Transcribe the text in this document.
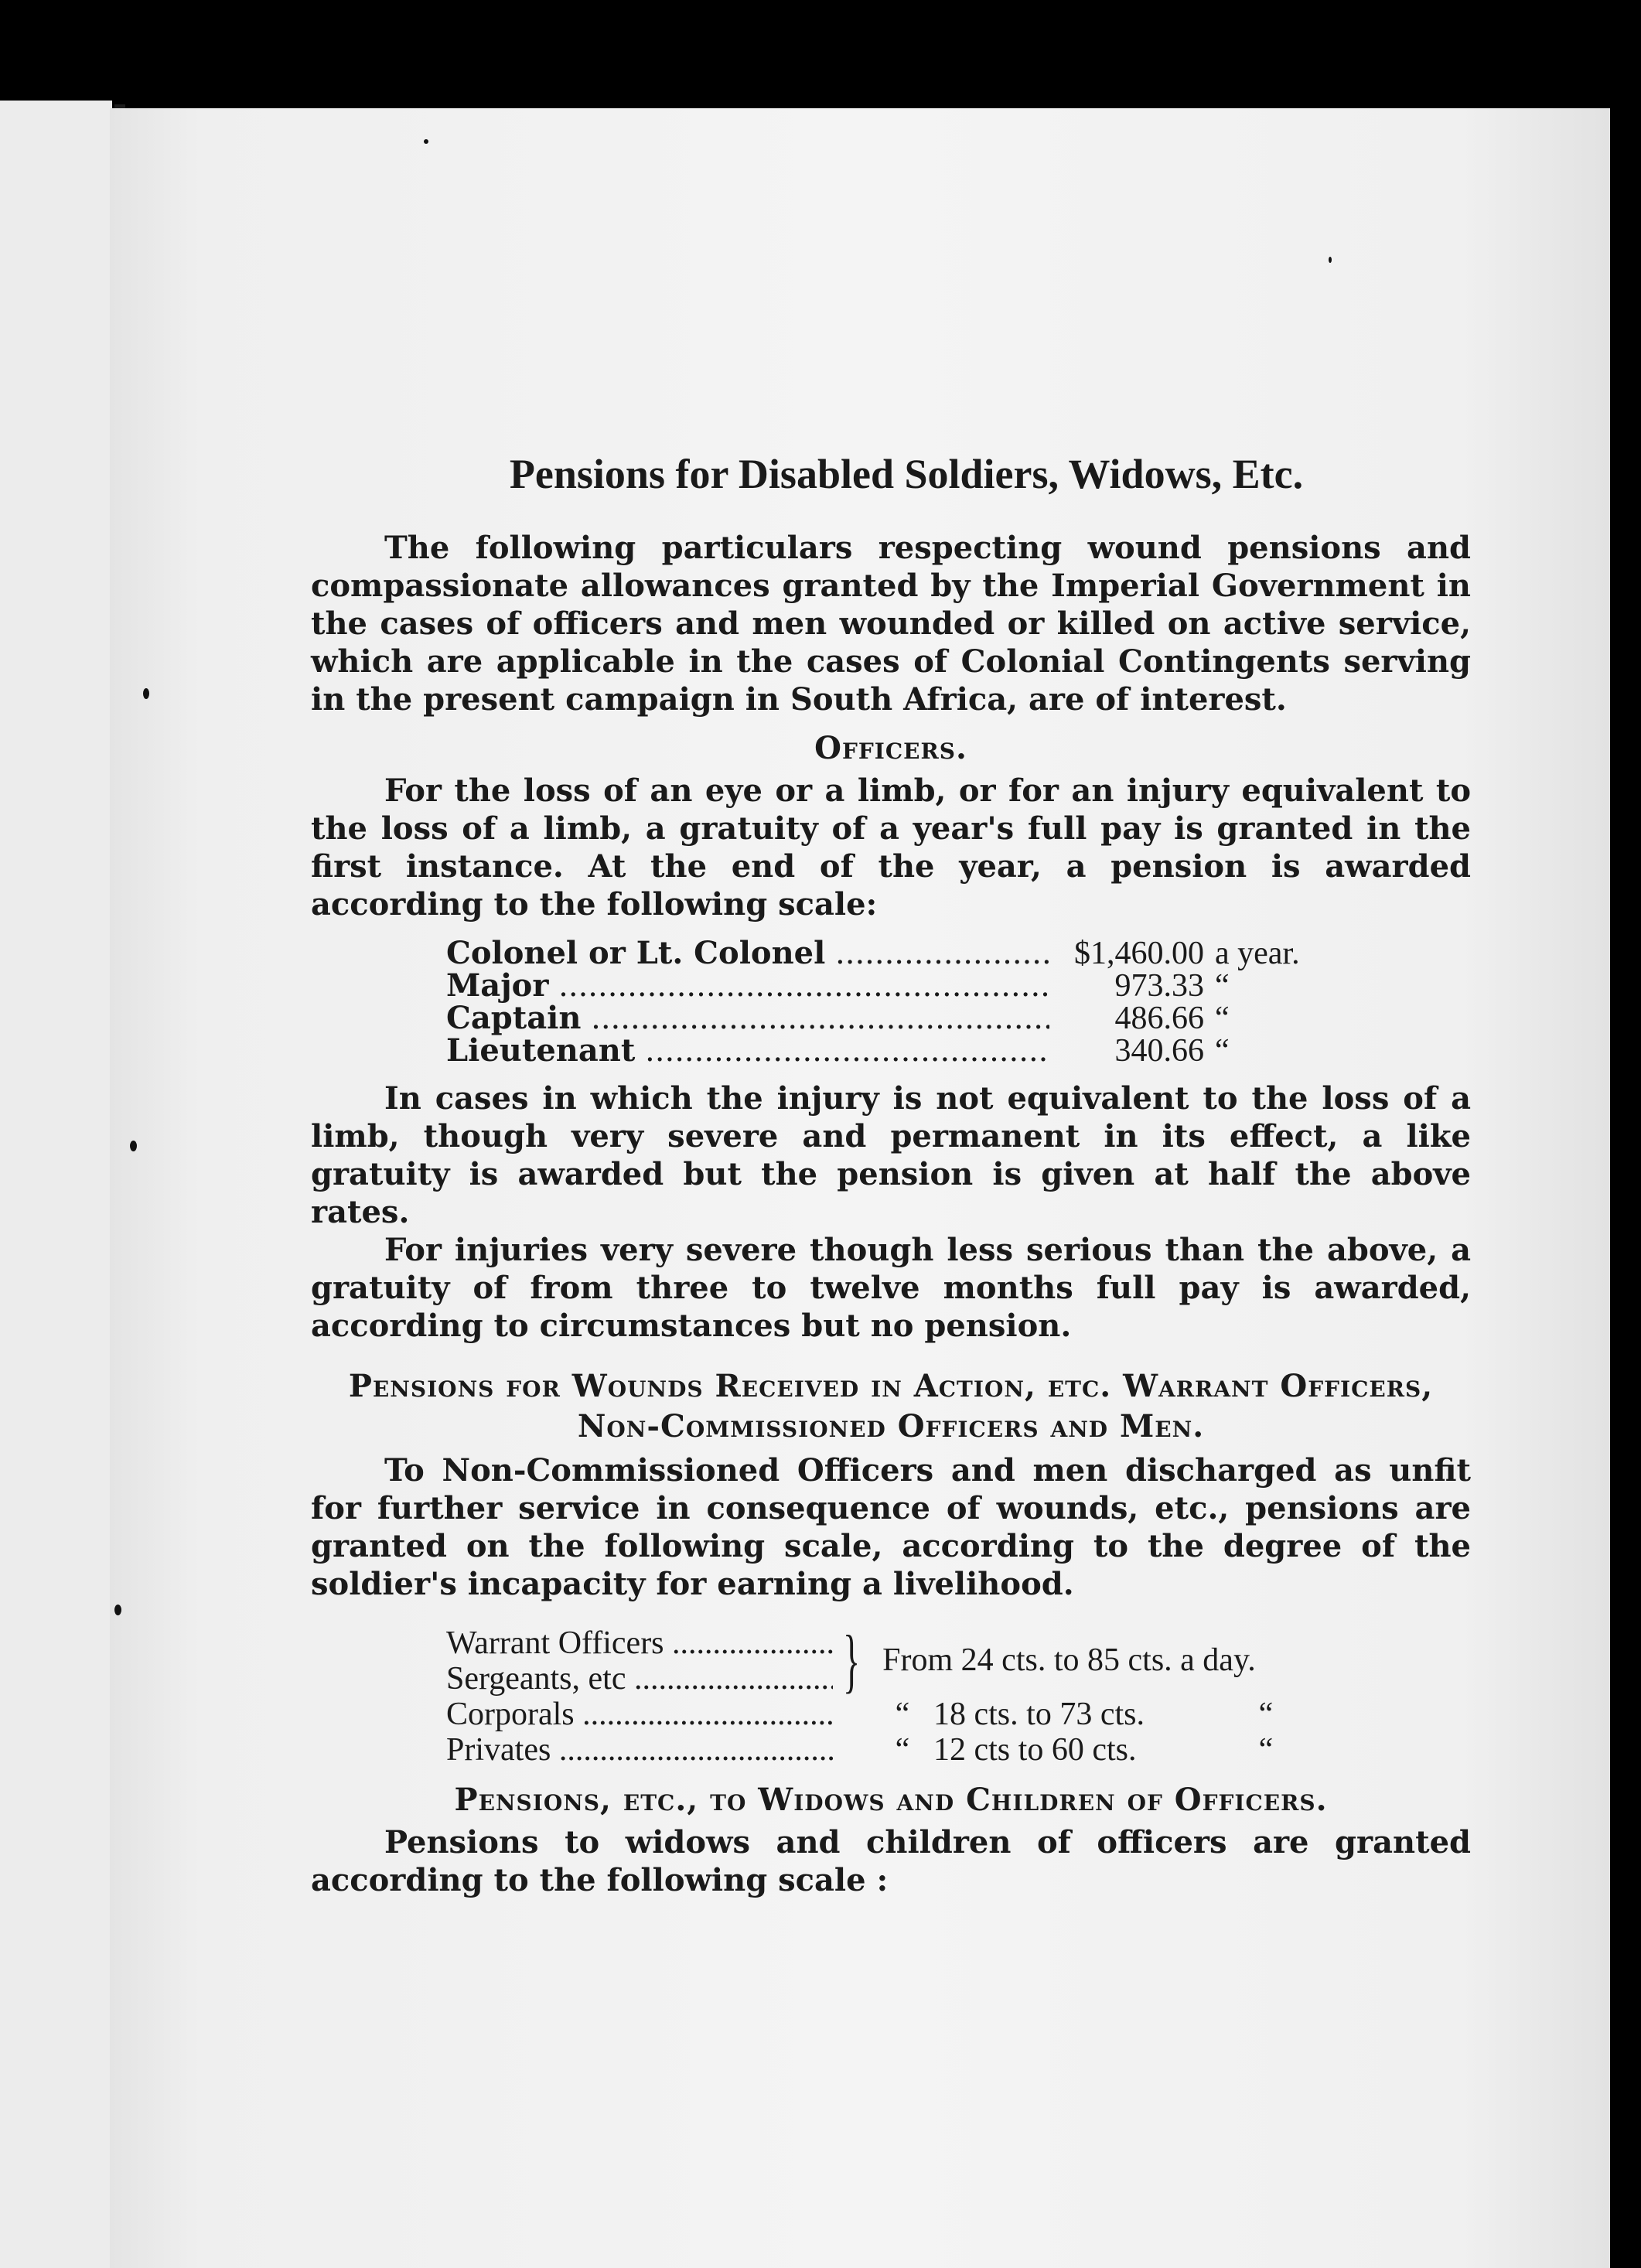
Pensions for Disabled Soldiers, Widows, Etc.

The following particulars respecting wound pensions and compassionate allowances granted by the Imperial Government in the cases of officers and men wounded or killed on active service, which are applicable in the cases of Colonial Contingents serving in the present campaign in South Africa, are of interest.

Officers.

For the loss of an eye or a limb, or for an injury equivalent to the loss of a limb, a gratuity of a year's full pay is granted in the first instance. At the end of the year, a pension is awarded according to the following scale:

Colonel or Lt. Colonel .....	$1,460.00 a year.
Major .....	973.33 “
Captain .....	486.66 “
Lieutenant .....	340.66 “

In cases in which the injury is not equivalent to the loss of a limb, though very severe and permanent in its effect, a like gratuity is awarded but the pension is given at half the above rates.

For injuries very severe though less serious than the above, a gratuity of from three to twelve months full pay is awarded, according to circumstances but no pension.

Pensions for Wounds Received in Action, etc. Warrant Officers,
Non-Commissioned Officers and Men.

To Non-Commissioned Officers and men discharged as unfit for further service in consequence of wounds, etc., pensions are granted on the following scale, according to the degree of the soldier's incapacity for earning a livelihood.

Warrant Officers .....
Sergeants, etc .....	} From 24 cts. to 85 cts. a day.
Corporals .....	“ 18 cts. to 73 cts.	“
Privates .....	“ 12 cts to 60 cts.	“
Pensions, etc., to Widows and Children of Officers.

Pensions to widows and children of officers are granted according to the following scale :
